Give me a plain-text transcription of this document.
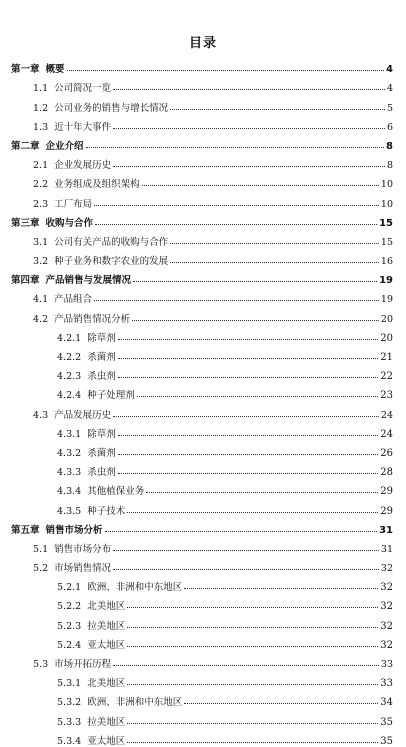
目录
第一章 概要	4
1.1 公司简况一览	4
1.2 公司业务的销售与增长情况	5
1.3 近十年大事件	6
第二章 企业介绍	8
2.1 企业发展历史	8
2.2 业务组成及组织架构	10
2.3 工厂布局	10
第三章 收购与合作	15
3.1 公司有关产品的收购与合作	15
3.2 种子业务和数字农业的发展	16
第四章 产品销售与发展情况	19
4.1 产品组合	19
4.2 产品销售情况分析	20
4.2.1 除草剂	20
4.2.2 杀菌剂	21
4.2.3 杀虫剂	22
4.2.4 种子处理剂	23
4.3 产品发展历史	24
4.3.1 除草剂	24
4.3.2 杀菌剂	26
4.3.3 杀虫剂	28
4.3.4 其他植保业务	29
4.3.5 种子技术	29
第五章 销售市场分析	31
5.1 销售市场分布	31
5.2 市场销售情况	32
5.2.1 欧洲、非洲和中东地区	32
5.2.2 北美地区	32
5.2.3 拉美地区	32
5.2.4 亚太地区	32
5.3 市场开拓历程	33
5.3.1 北美地区	33
5.3.2 欧洲、非洲和中东地区	34
5.3.3 拉美地区	35
5.3.4 亚太地区	35
